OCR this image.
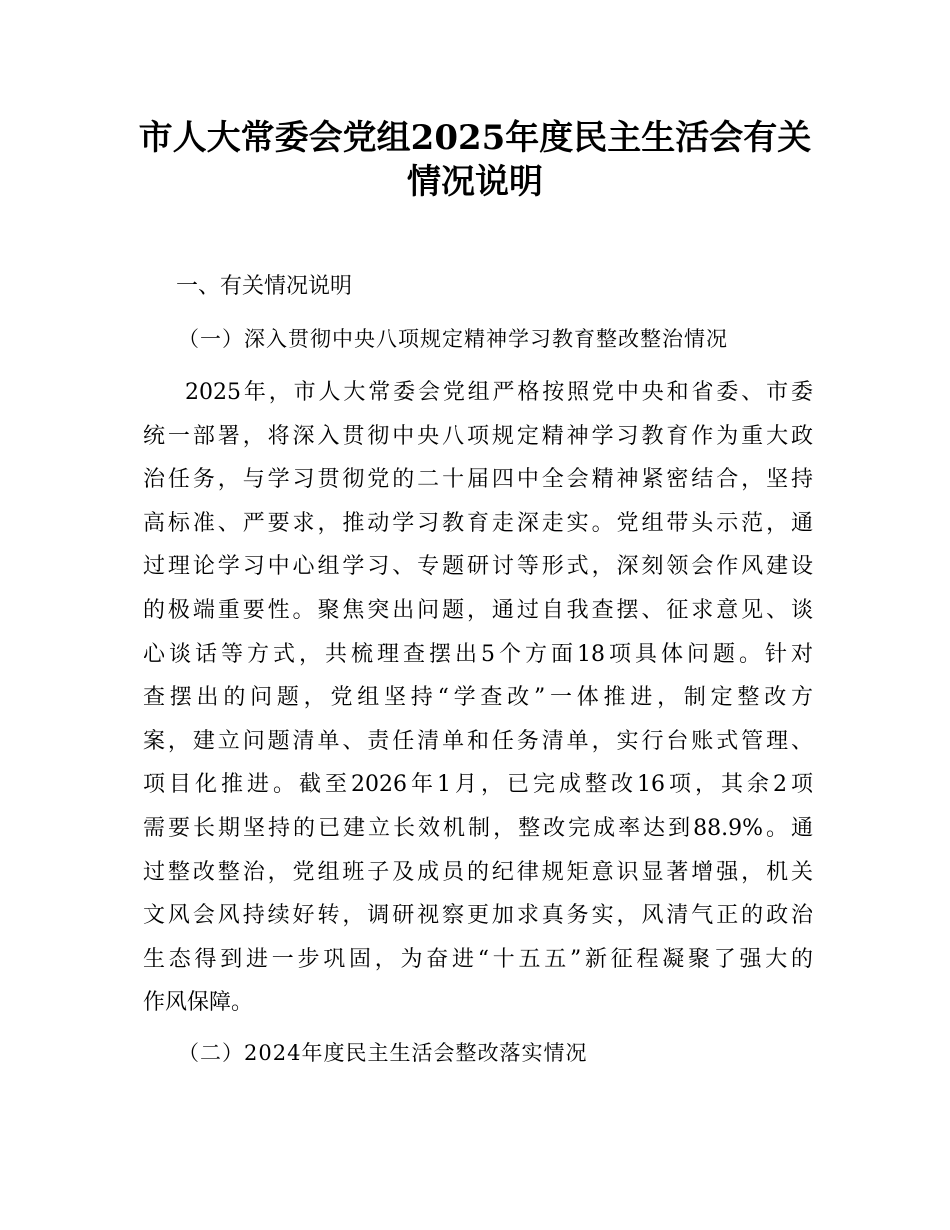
市人大常委会党组2025年度民主生活会有关
情况说明
一、有关情况说明
（一）深入贯彻中央八项规定精神学习教育整改整治情况
2025年，市人大常委会党组严格按照党中央和省委、市委
统一部署，将深入贯彻中央八项规定精神学习教育作为重大政
治任务，与学习贯彻党的二十届四中全会精神紧密结合，坚持
高标准、严要求，推动学习教育走深走实。党组带头示范，通
过理论学习中心组学习、专题研讨等形式，深刻领会作风建设
的极端重要性。聚焦突出问题，通过自我查摆、征求意见、谈
心谈话等方式，共梳理查摆出5个方面18项具体问题。针对
查摆出的问题，党组坚持“学查改”一体推进，制定整改方
案，建立问题清单、责任清单和任务清单，实行台账式管理、
项目化推进。截至2026年1月，已完成整改16项，其余2项
需要长期坚持的已建立长效机制，整改完成率达到88.9%。通
过整改整治，党组班子及成员的纪律规矩意识显著增强，机关
文风会风持续好转，调研视察更加求真务实，风清气正的政治
生态得到进一步巩固，为奋进“十五五”新征程凝聚了强大的
作风保障。
（二）2024年度民主生活会整改落实情况
